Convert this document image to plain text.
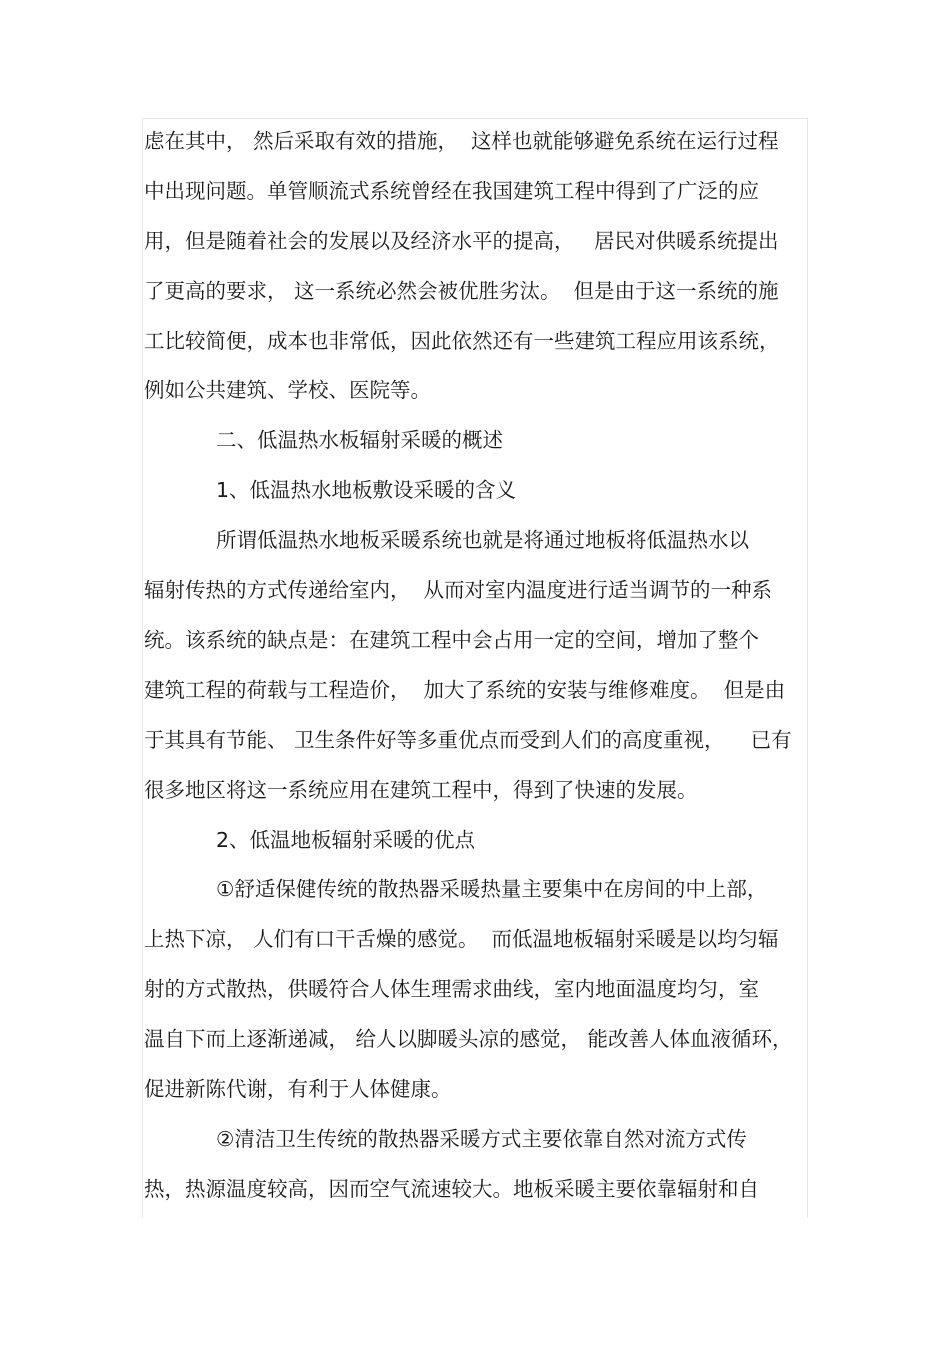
虑在其中， 然后采取有效的措施，  这样也就能够避免系统在运行过程
中出现问题。单管顺流式系统曾经在我国建筑工程中得到了广泛的应
用，但是随着社会的发展以及经济水平的提高，   居民对供暖系统提出
了更高的要求， 这一系统必然会被优胜劣汰。  但是由于这一系统的施
工比较简便，成本也非常低，因此依然还有一些建筑工程应用该系统，
例如公共建筑、学校、医院等。
二、低温热水板辐射采暖的概述
1、低温热水地板敷设采暖的含义
所谓低温热水地板采暖系统也就是将通过地板将低温热水以
辐射传热的方式传递给室内，  从而对室内温度进行适当调节的一种系
统。该系统的缺点是：在建筑工程中会占用一定的空间，增加了整个
建筑工程的荷载与工程造价，  加大了系统的安装与维修难度。  但是由
于其具有节能、 卫生条件好等多重优点而受到人们的高度重视，    已有
很多地区将这一系统应用在建筑工程中，得到了快速的发展。
2、低温地板辐射采暖的优点
①舒适保健传统的散热器采暖热量主要集中在房间的中上部，
上热下凉， 人们有口干舌燥的感觉。  而低温地板辐射采暖是以均匀辐
射的方式散热，供暖符合人体生理需求曲线，室内地面温度均匀，室
温自下而上逐渐递减， 给人以脚暖头凉的感觉， 能改善人体血液循环，
促进新陈代谢，有利于人体健康。
②清洁卫生传统的散热器采暖方式主要依靠自然对流方式传
热，热源温度较高，因而空气流速较大。地板采暖主要依靠辐射和自
